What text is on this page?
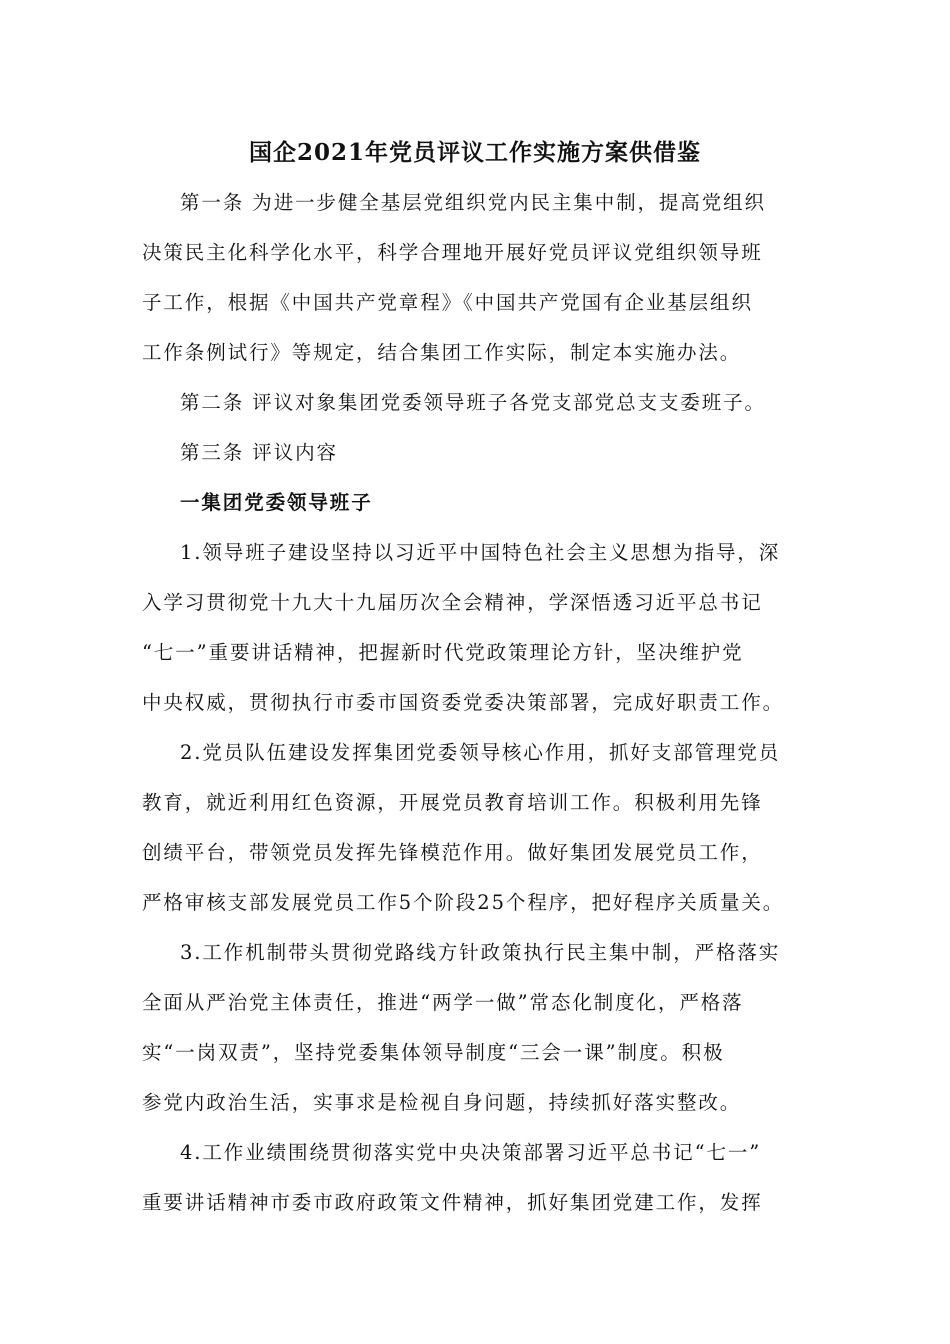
国企2021年党员评议工作实施方案供借鉴
第一条 为进一步健全基层党组织党内民主集中制，提高党组织
决策民主化科学化水平，科学合理地开展好党员评议党组织领导班
子工作，根据《中国共产党章程》《中国共产党国有企业基层组织
工作条例试行》等规定，结合集团工作实际，制定本实施办法。
第二条 评议对象集团党委领导班子各党支部党总支支委班子。
第三条 评议内容
一集团党委领导班子
1.领导班子建设坚持以习近平中国特色社会主义思想为指导，深
入学习贯彻党十九大十九届历次全会精神，学深悟透习近平总书记
“七一”重要讲话精神，把握新时代党政策理论方针，坚决维护党
中央权威，贯彻执行市委市国资委党委决策部署，完成好职责工作。
2.党员队伍建设发挥集团党委领导核心作用，抓好支部管理党员
教育，就近利用红色资源，开展党员教育培训工作。积极利用先锋
创绩平台，带领党员发挥先锋模范作用。做好集团发展党员工作，
严格审核支部发展党员工作5个阶段25个程序，把好程序关质量关。
3.工作机制带头贯彻党路线方针政策执行民主集中制，严格落实
全面从严治党主体责任，推进“两学一做”常态化制度化，严格落
实“一岗双责”，坚持党委集体领导制度“三会一课”制度。积极
参党内政治生活，实事求是检视自身问题，持续抓好落实整改。
4.工作业绩围绕贯彻落实党中央决策部署习近平总书记“七一”
重要讲话精神市委市政府政策文件精神，抓好集团党建工作，发挥
